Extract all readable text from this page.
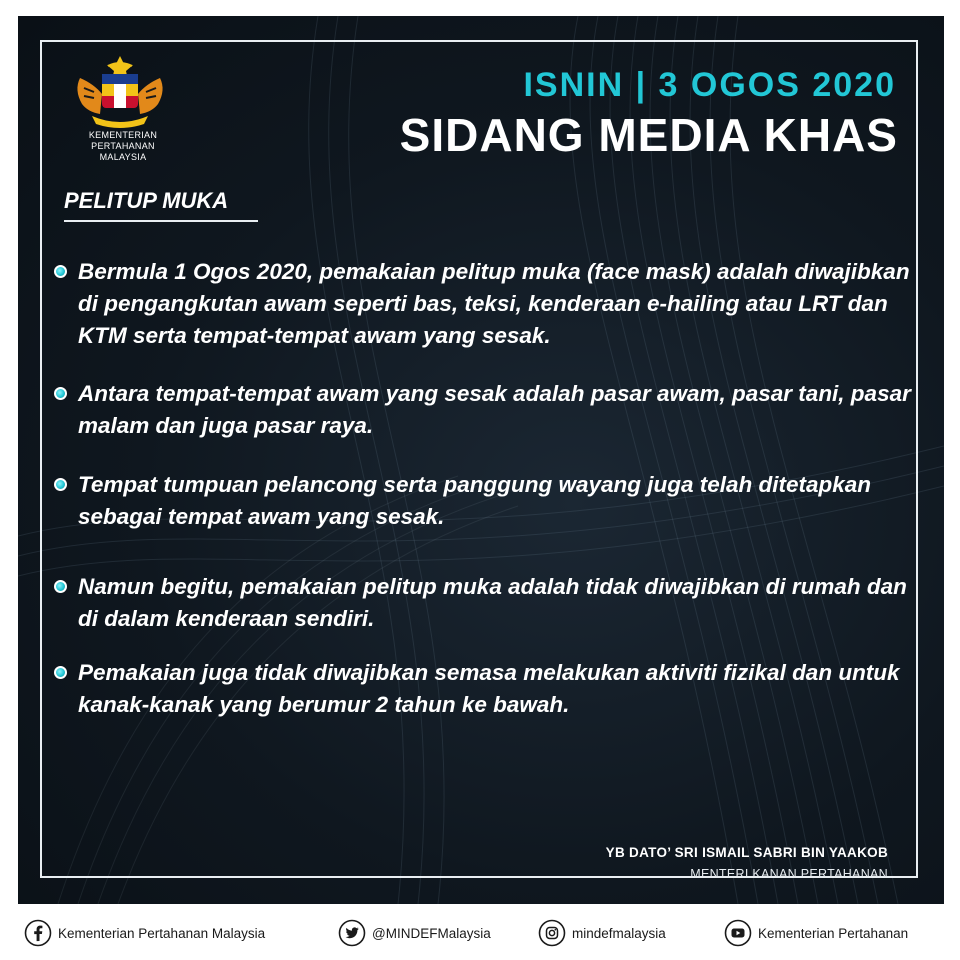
KEMENTERIAN PERTAHANAN
MALAYSIA
ISNIN | 3 OGOS 2020
SIDANG MEDIA KHAS
PELITUP MUKA
Bermula 1 Ogos 2020, pemakaian pelitup muka (face mask) adalah diwajibkan di pengangkutan awam seperti bas, teksi, kenderaan e-hailing atau LRT dan KTM serta tempat-tempat awam yang sesak.
Antara tempat-tempat awam yang sesak adalah pasar awam, pasar tani, pasar malam dan juga pasar raya.
Tempat tumpuan pelancong serta panggung wayang juga telah ditetapkan sebagai tempat awam yang sesak.
Namun begitu, pemakaian pelitup muka adalah tidak diwajibkan di rumah dan di dalam kenderaan sendiri.
Pemakaian juga tidak diwajibkan semasa melakukan aktiviti fizikal dan untuk kanak-kanak yang berumur 2 tahun ke bawah.
YB DATO’ SRI ISMAIL SABRI BIN YAAKOB
MENTERI KANAN PERTAHANAN
Kementerian Pertahanan Malaysia	@MINDEFMalaysia	mindefmalaysia	Kementerian Pertahanan
